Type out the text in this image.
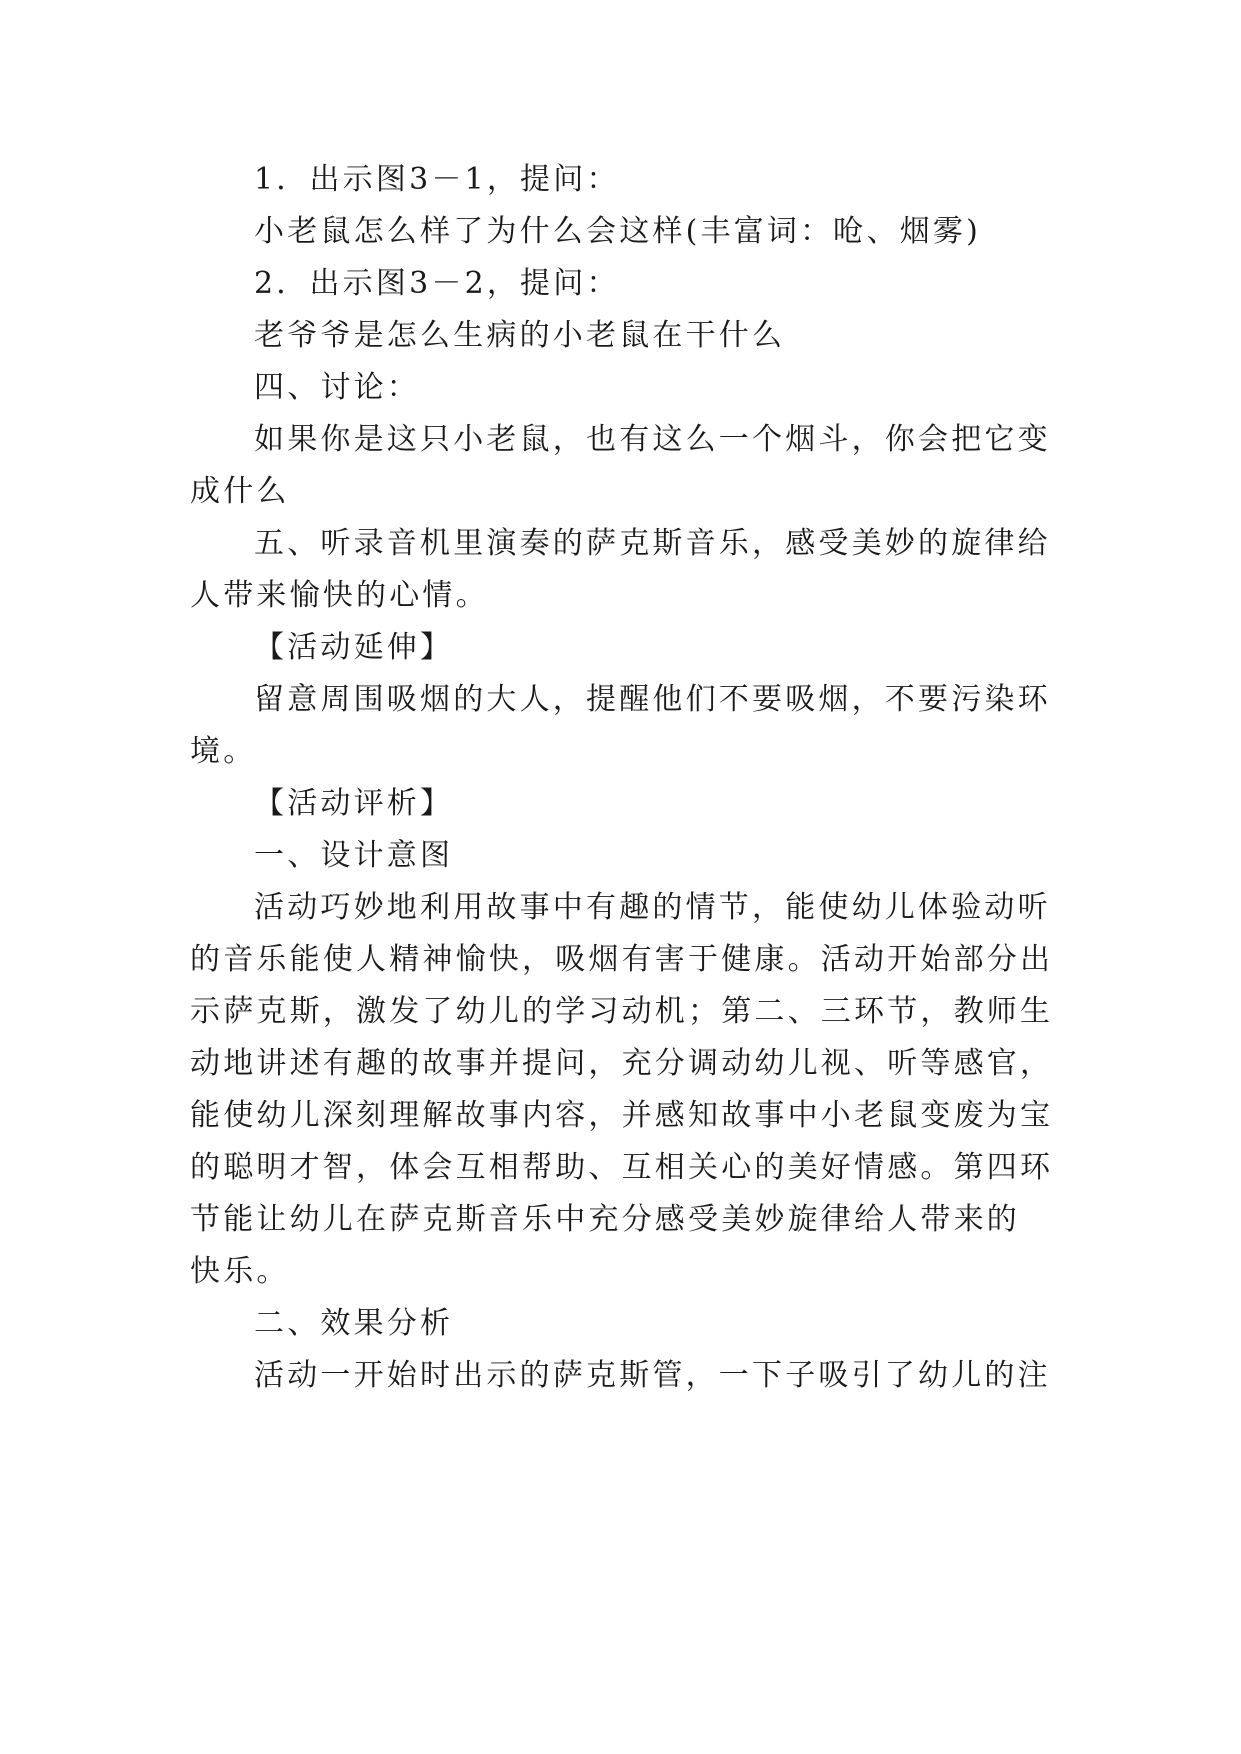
1．出示图3－1，提问：
小老鼠怎么样了为什么会这样(丰富词：呛、烟雾)
2．出示图3－2，提问：
老爷爷是怎么生病的小老鼠在干什么
四、讨论：
如果你是这只小老鼠，也有这么一个烟斗，你会把它变
成什么
五、听录音机里演奏的萨克斯音乐，感受美妙的旋律给
人带来愉快的心情。
【活动延伸】
留意周围吸烟的大人，提醒他们不要吸烟，不要污染环
境。
【活动评析】
一、设计意图
活动巧妙地利用故事中有趣的情节，能使幼儿体验动听
的音乐能使人精神愉快，吸烟有害于健康。活动开始部分出
示萨克斯，激发了幼儿的学习动机；第二、三环节，教师生
动地讲述有趣的故事并提问，充分调动幼儿视、听等感官，
能使幼儿深刻理解故事内容，并感知故事中小老鼠变废为宝
的聪明才智，体会互相帮助、互相关心的美好情感。第四环
节能让幼儿在萨克斯音乐中充分感受美妙旋律给人带来的
快乐。
二、效果分析
活动一开始时出示的萨克斯管，一下子吸引了幼儿的注
